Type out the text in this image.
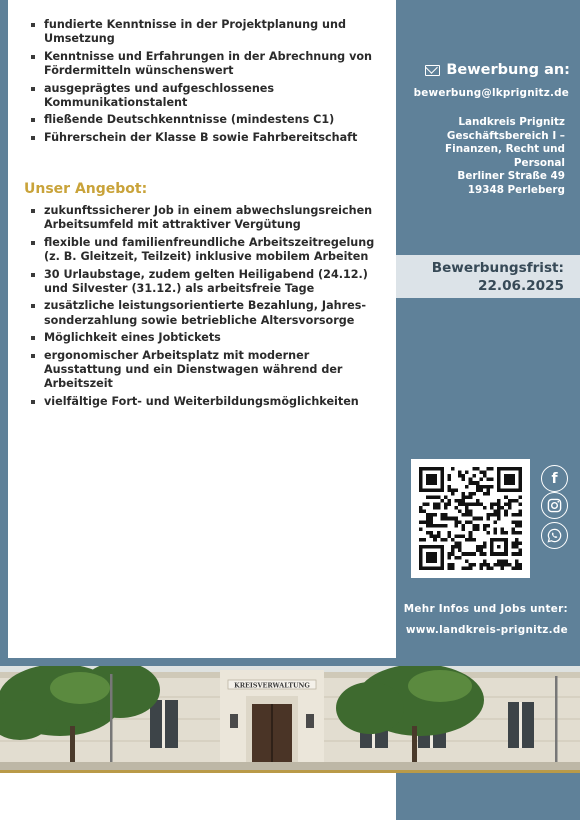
fundierte Kenntnisse in der Projektplanung und Umsetzung
Kenntnisse und Erfahrungen in der Abrechnung von Fördermitteln wünschenswert
ausgeprägtes und aufgeschlossenes Kommunikationstalent
fließende Deutschkenntnisse (mindestens C1)
Führerschein der Klasse B sowie Fahrbereitschaft
Unser Angebot:
zukunftssicherer Job in einem abwechslungsreichen Arbeitsumfeld mit attraktiver Vergütung
flexible und familienfreundliche Arbeitszeitregelung (z. B. Gleitzeit, Teilzeit) inklusive mobilem Arbeiten
30 Urlaubstage, zudem gelten Heiligabend (24.12.) und Silvester (31.12.) als arbeitsfreie Tage
zusätzliche leistungsorientierte Bezahlung, Jahres-sonderzahlung sowie betriebliche Altersvorsorge
Möglichkeit eines Jobtickets
ergonomischer Arbeitsplatz mit moderner Ausstattung und ein Dienstwagen während der Arbeitszeit
vielfältige Fort- und Weiterbildungsmöglichkeiten
Bewerbung an:
bewerbung@lkprignitz.de
Landkreis Prignitz
Geschäftsbereich I –
Finanzen, Recht und
Personal
Berliner Straße 49
19348 Perleberg
Bewerbungsfrist:
22.06.2025
f
Mehr Infos und Jobs unter:
www.landkreis-prignitz.de
KREISVERWALTUNG
